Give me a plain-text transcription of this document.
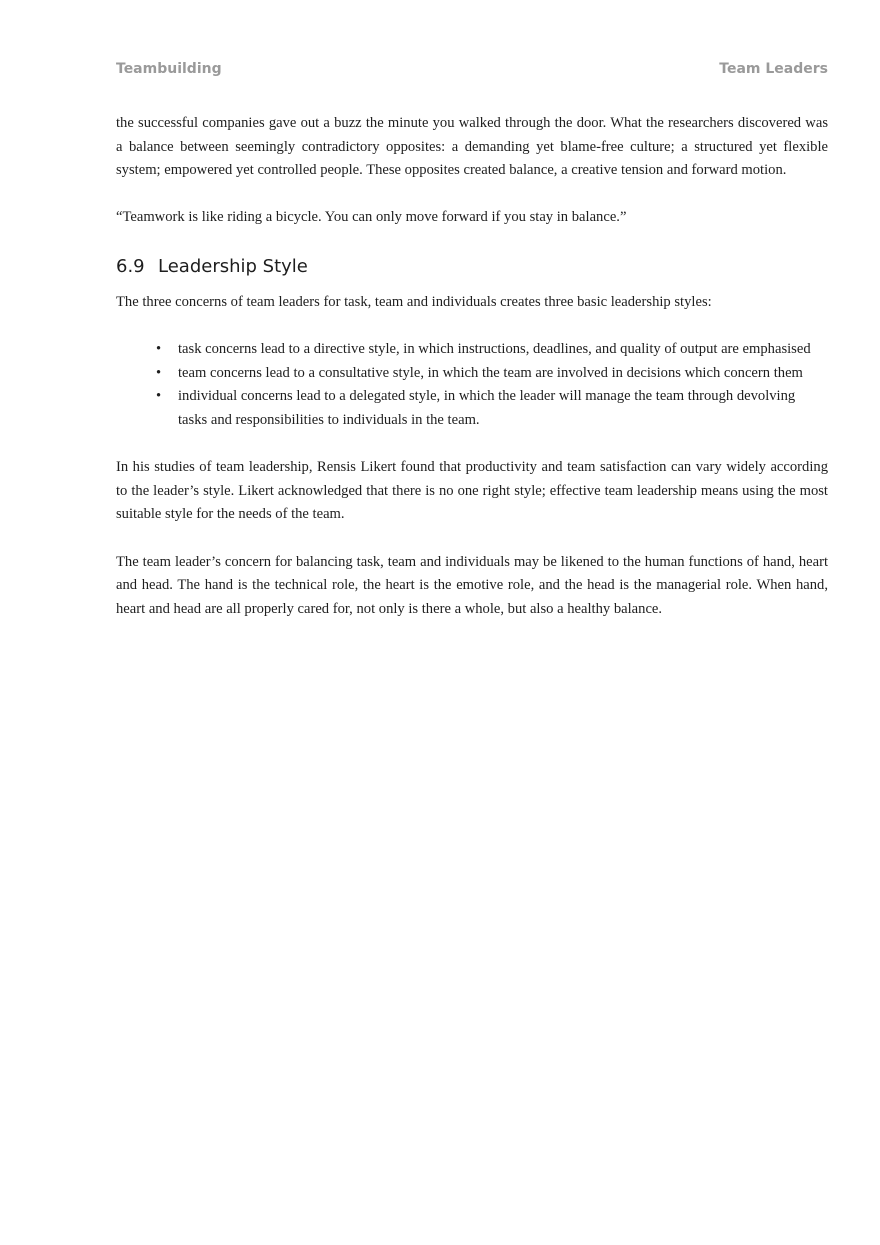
Teambuilding	Team Leaders

the successful companies gave out a buzz the minute you walked through the door. What the researchers discovered was a balance between seemingly contradictory opposites: a demanding yet blame-free culture; a structured yet flexible system; empowered yet controlled people. These opposites created balance, a creative tension and forward motion.

“Teamwork is like riding a bicycle. You can only move forward if you stay in balance.”

6.9 Leadership Style

The three concerns of team leaders for task, team and individuals creates three basic leadership styles:

• task concerns lead to a directive style, in which instructions, deadlines, and quality of output are emphasised
• team concerns lead to a consultative style, in which the team are involved in decisions which concern them
• individual concerns lead to a delegated style, in which the leader will manage the team through devolving tasks and responsibilities to individuals in the team.

In his studies of team leadership, Rensis Likert found that productivity and team satisfaction can vary widely according to the leader’s style. Likert acknowledged that there is no one right style; effective team leadership means using the most suitable style for the needs of the team.

The team leader’s concern for balancing task, team and individuals may be likened to the human functions of hand, heart and head. The hand is the technical role, the heart is the emotive role, and the head is the managerial role. When hand, heart and head are all properly cared for, not only is there a whole, but also a healthy balance.
